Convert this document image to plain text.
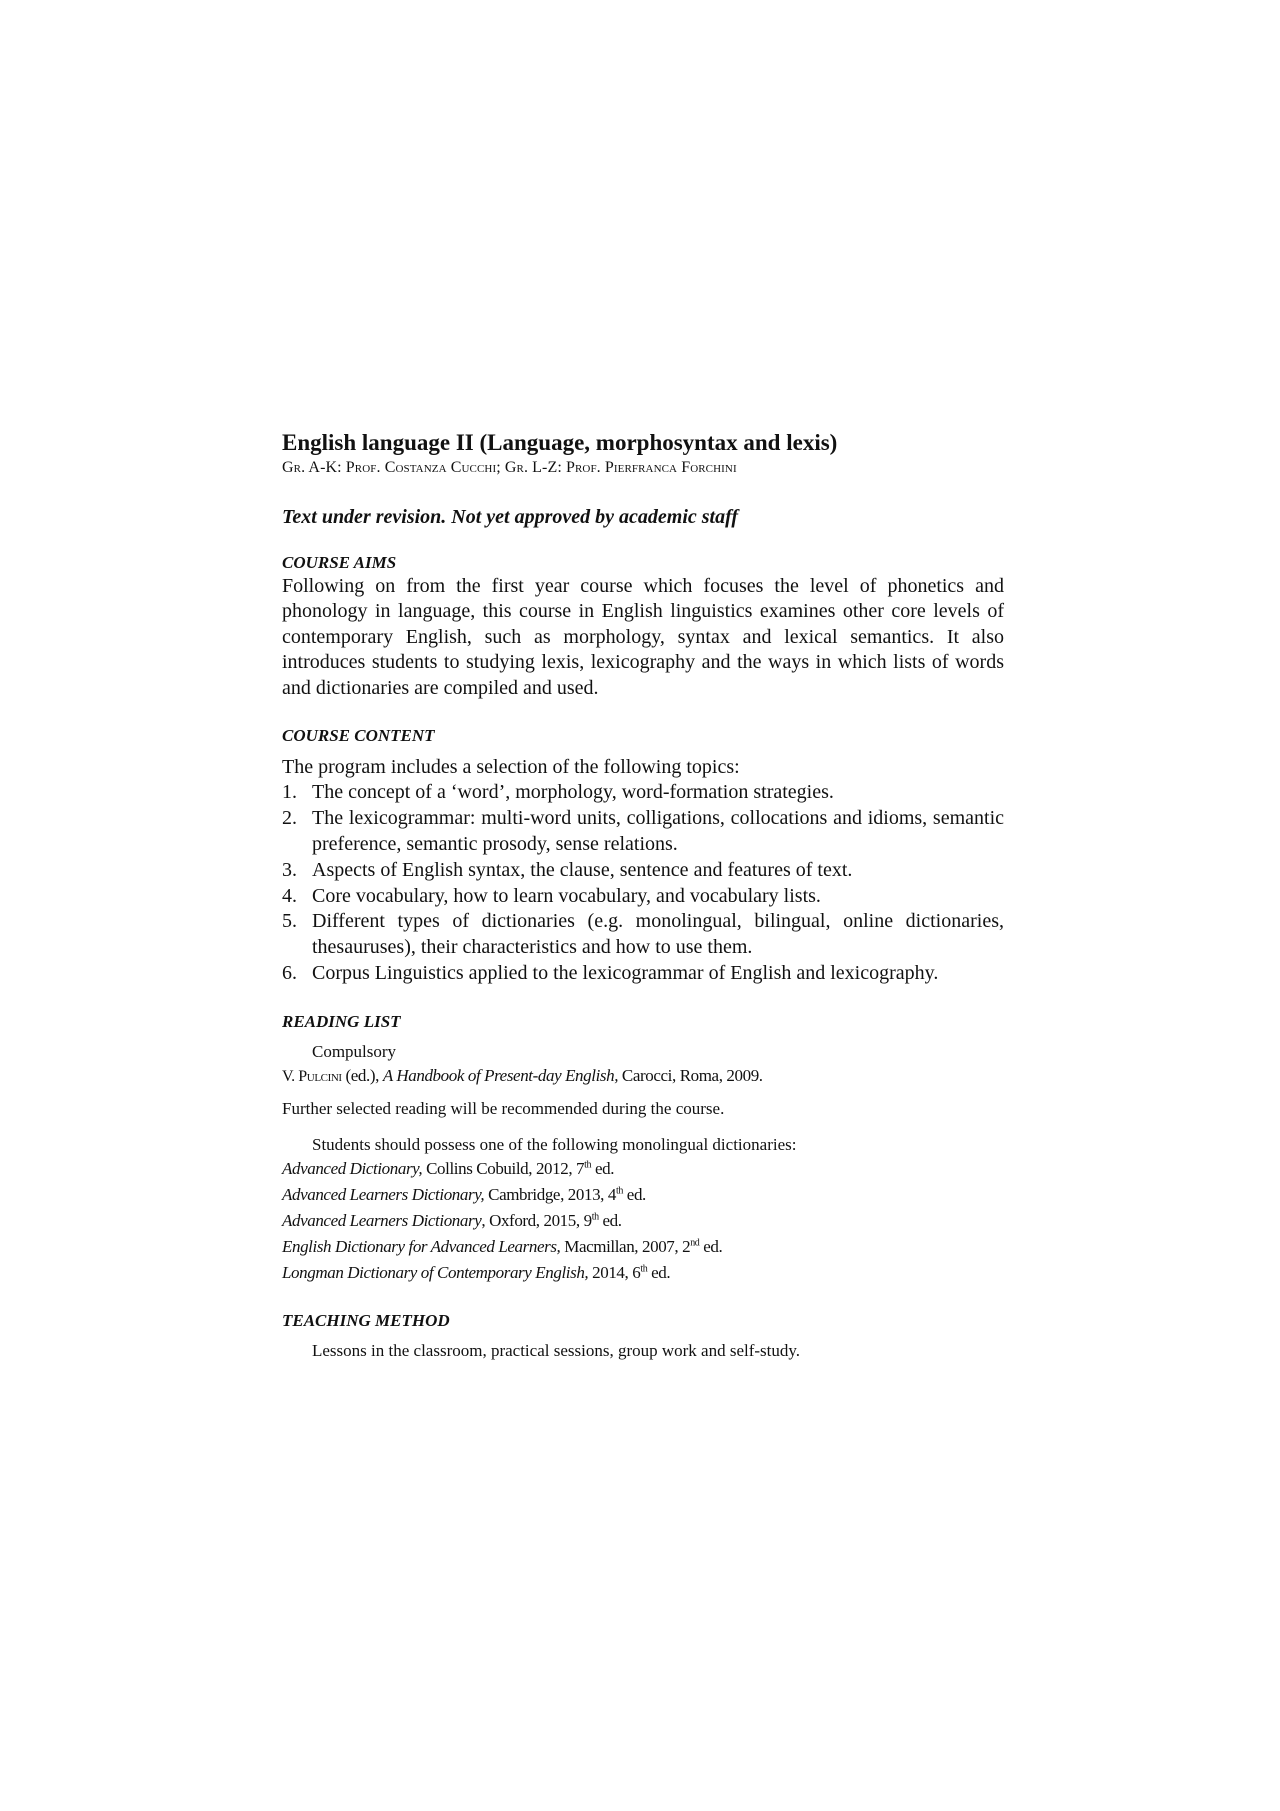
English language II (Language, morphosyntax and lexis)

Gr. A-K: Prof. Costanza Cucchi; Gr. L-Z: Prof. Pierfranca Forchini

Text under revision. Not yet approved by academic staff

COURSE AIMS

Following on from the first year course which focuses the level of phonetics and phonology in language, this course in English linguistics examines other core levels of contemporary English, such as morphology, syntax and lexical semantics. It also introduces students to studying lexis, lexicography and the ways in which lists of words and dictionaries are compiled and used.

COURSE CONTENT

The program includes a selection of the following topics:

1. The concept of a ‘word’, morphology, word-formation strategies.
2. The lexicogrammar: multi-word units, colligations, collocations and idioms, semantic preference, semantic prosody, sense relations.
3. Aspects of English syntax, the clause, sentence and features of text.
4. Core vocabulary, how to learn vocabulary, and vocabulary lists.
5. Different types of dictionaries (e.g. monolingual, bilingual, online dictionaries, thesauruses), their characteristics and how to use them.
6. Corpus Linguistics applied to the lexicogrammar of English and lexicography.
READING LIST

Compulsory

V. Pulcini (ed.), A Handbook of Present-day English, Carocci, Roma, 2009.

Further selected reading will be recommended during the course.

Students should possess one of the following monolingual dictionaries:

Advanced Dictionary, Collins Cobuild, 2012, 7th ed.

Advanced Learners Dictionary, Cambridge, 2013, 4th ed.

Advanced Learners Dictionary, Oxford, 2015, 9th ed.

English Dictionary for Advanced Learners, Macmillan, 2007, 2nd ed.

Longman Dictionary of Contemporary English, 2014, 6th ed.

TEACHING METHOD

Lessons in the classroom, practical sessions, group work and self-study.
